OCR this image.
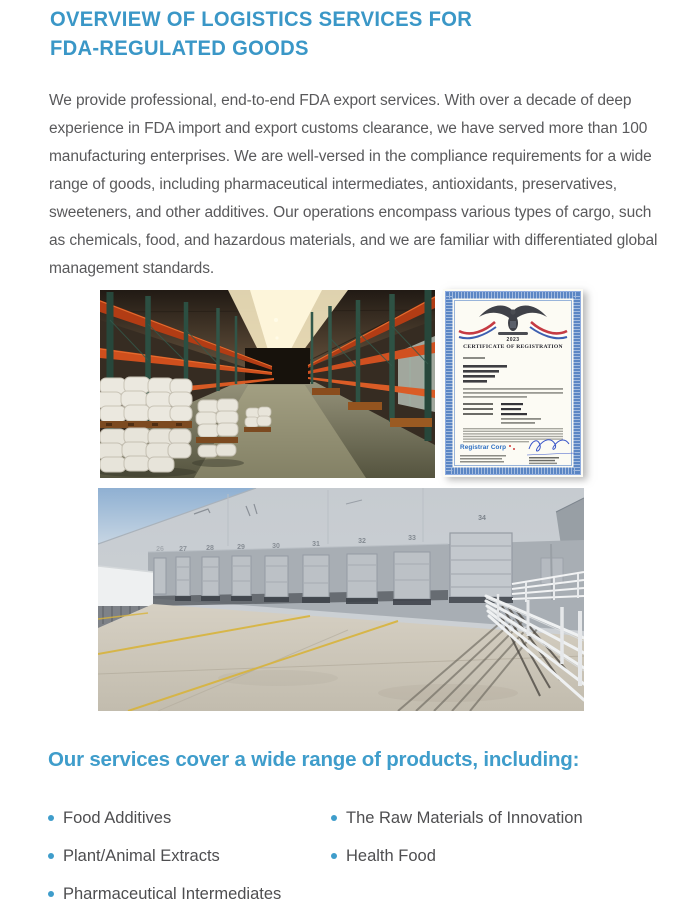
OVERVIEW OF LOGISTICS SERVICES FOR
FDA-REGULATED GOODS

We provide professional, end-to-end FDA export services. With over a decade of deep experience in FDA import and export customs clearance, we have served more than 100 manufacturing enterprises. We are well-versed in the compliance requirements for a wide range of goods, including pharmaceutical intermediates, antioxidants, preservatives, sweeteners, and other additives. Our operations encompass various types of cargo, such as chemicals, food, and hazardous materials, and we are familiar with differentiated global management standards.

2023

CERTIFICATE OF REGISTRATION

Registrar Corp
26 27	28	29	30	31	32	33
34
Our services cover a wide range of products, including:
Food Additives
Plant/Animal Extracts
Pharmaceutical Intermediates
The Raw Materials of Innovation
Health Food
